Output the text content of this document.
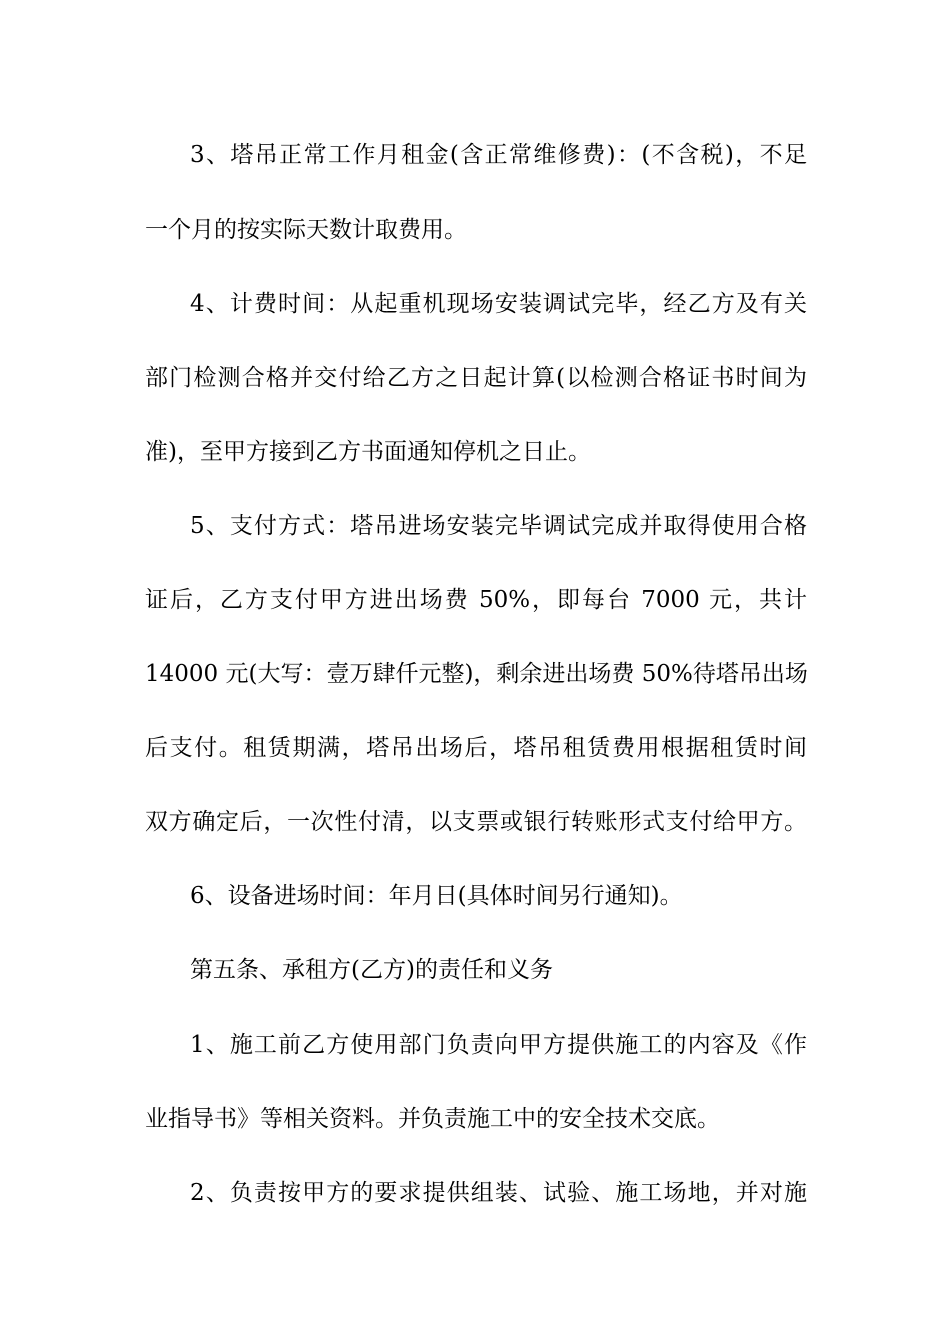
3、塔吊正常工作月租金(含正常维修费)：(不含税)，不足
一个月的按实际天数计取费用。
4、计费时间：从起重机现场安装调试完毕，经乙方及有关
部门检测合格并交付给乙方之日起计算(以检测合格证书时间为
准)，至甲方接到乙方书面通知停机之日止。
5、支付方式：塔吊进场安装完毕调试完成并取得使用合格
证后，乙方支付甲方进出场费 50%，即每台 7000 元，共计
14000 元(大写：壹万肆仟元整)，剩余进出场费 50%待塔吊出场
后支付。租赁期满，塔吊出场后，塔吊租赁费用根据租赁时间
双方确定后，一次性付清，以支票或银行转账形式支付给甲方。
6、设备进场时间：年月日(具体时间另行通知)。
第五条、承租方(乙方)的责任和义务
1、施工前乙方使用部门负责向甲方提供施工的内容及《作
业指导书》等相关资料。并负责施工中的安全技术交底。
2、负责按甲方的要求提供组装、试验、施工场地，并对施
